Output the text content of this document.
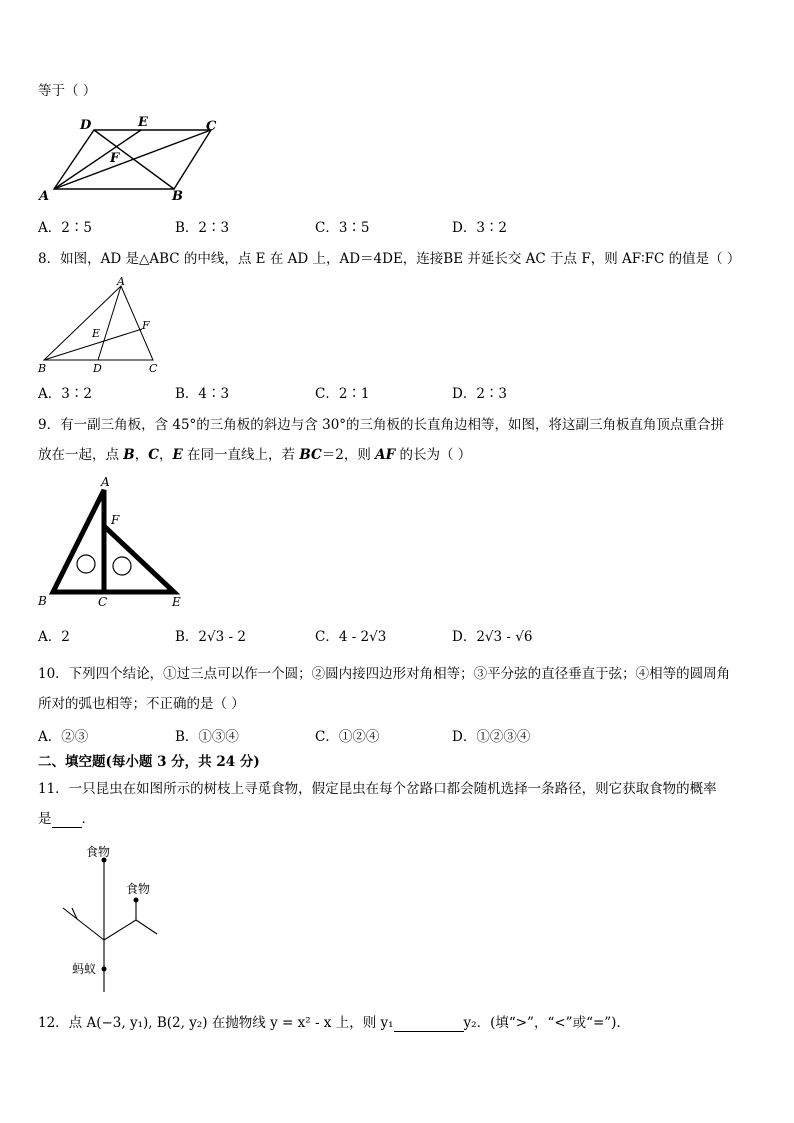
等于（ ）
D	E	C
F
A	B
A．2∶5	B．2∶3	C．3∶5	D．3∶2
8．如图，AD 是△ABC 的中线，点 E 在 AD 上，AD＝4DE，连接BE 并延长交 AC 于点 F，则 AF∶FC 的值是（ ）
A
F
E
B	D	C
A．3∶2	B．4∶3	C．2∶1	D．2∶3
9．有一副三角板，含 45°的三角板的斜边与含 30°的三角板的长直角边相等，如图，将这副三角板直角顶点重合拼
放在一起，点 B，C，E 在同一直线上，若 BC＝2，则 AF 的长为（ ）
A
F
B	C	E
A．2	B．2√3 - 2	C．4 - 2√3	D．2√3 - √6
10．下列四个结论，①过三点可以作一个圆；②圆内接四边形对角相等；③平分弦的直径垂直于弦；④相等的圆周角
所对的弧也相等；不正确的是（ ）
A．②③	B．①③④	C．①②④	D．①②③④
二、填空题(每小题 3 分，共 24 分)
11．一只昆虫在如图所示的树枝上寻觅食物，假定昆虫在每个岔路口都会随机选择一条路径，则它获取食物的概率
是 ．
食物
食物
蚂蚁
12．点 A(−3, y₁), B(2, y₂) 在抛物线 y = x² - x 上，则 y₁	y₂．(填“>”，“<”或“=”)．
